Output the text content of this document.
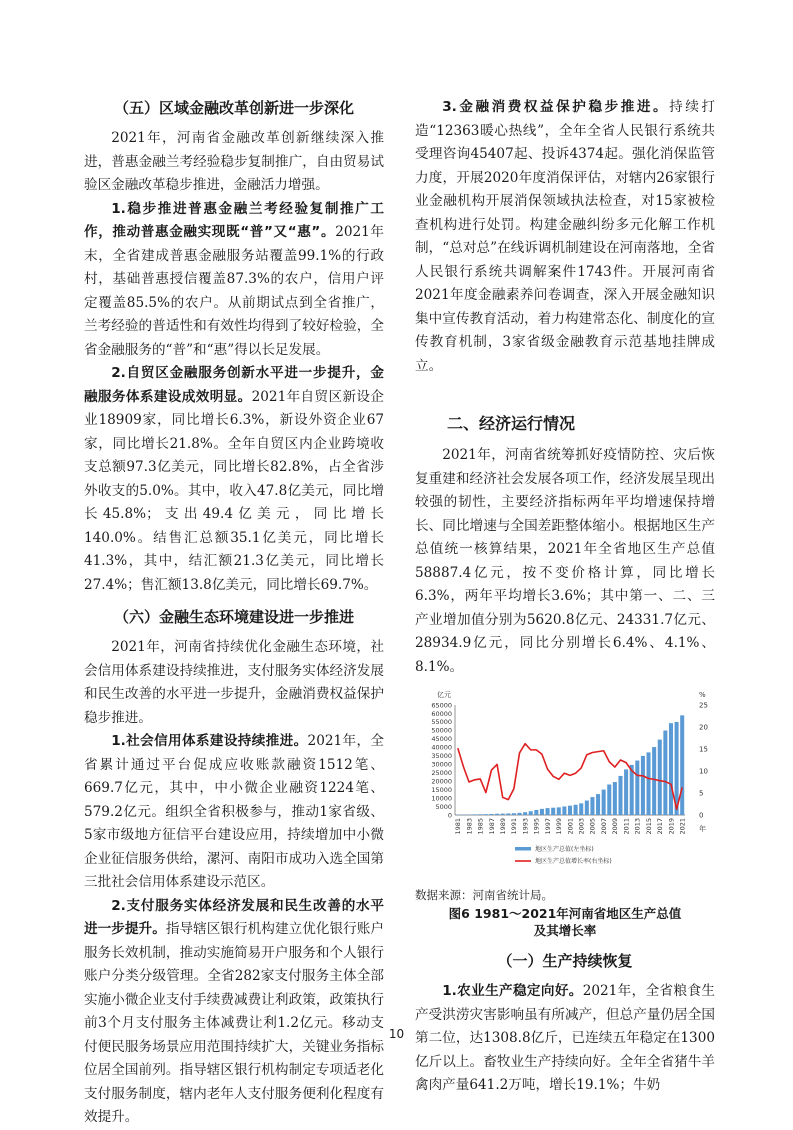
（五）区域金融改革创新进一步深化

2021年，河南省金融改革创新继续深入推进，普惠金融兰考经验稳步复制推广，自由贸易试验区金融改革稳步推进，金融活力增强。

1.稳步推进普惠金融兰考经验复制推广工作，推动普惠金融实现既“普”又“惠”。2021年末，全省建成普惠金融服务站覆盖99.1%的行政村，基础普惠授信覆盖87.3%的农户，信用户评定覆盖85.5%的农户。从前期试点到全省推广，兰考经验的普适性和有效性均得到了较好检验，全省金融服务的“普”和“惠”得以长足发展。

2.自贸区金融服务创新水平进一步提升，金融服务体系建设成效明显。2021年自贸区新设企业18909家，同比增长6.3%，新设外资企业67家，同比增长21.8%。全年自贸区内企业跨境收支总额97.3亿美元，同比增长82.8%，占全省涉外收支的5.0%。其中，收入47.8亿美元，同比增长45.8%；支出49.4亿美元，同比增长140.0%。结售汇总额35.1亿美元，同比增长41.3%，其中，结汇额21.3亿美元，同比增长27.4%；售汇额13.8亿美元，同比增长69.7%。

（六）金融生态环境建设进一步推进

2021年，河南省持续优化金融生态环境，社会信用体系建设持续推进，支付服务实体经济发展和民生改善的水平进一步提升，金融消费权益保护稳步推进。

1.社会信用体系建设持续推进。2021年，全省累计通过平台促成应收账款融资1512笔、669.7亿元，其中，中小微企业融资1224笔、579.2亿元。组织全省积极参与，推动1家省级、5家市级地方征信平台建设应用，持续增加中小微企业征信服务供给，漯河、南阳市成功入选全国第三批社会信用体系建设示范区。

2.支付服务实体经济发展和民生改善的水平进一步提升。指导辖区银行机构建立优化银行账户服务长效机制，推动实施简易开户服务和个人银行账户分类分级管理。全省282家支付服务主体全部实施小微企业支付手续费减费让利政策，政策执行前3个月支付服务主体减费让利1.2亿元。移动支付便民服务场景应用范围持续扩大，关键业务指标位居全国前列。指导辖区银行机构制定专项适老化支付服务制度，辖内老年人支付服务便利化程度有效提升。

3.金融消费权益保护稳步推进。持续打造“12363暖心热线”，全年全省人民银行系统共受理咨询45407起、投诉4374起。强化消保监管力度，开展2020年度消保评估，对辖内26家银行业金融机构开展消保领域执法检查，对15家被检查机构进行处罚。构建金融纠纷多元化解工作机制，“总对总”在线诉调机制建设在河南落地，全省人民银行系统共调解案件1743件。开展河南省2021年度金融素养问卷调查，深入开展金融知识集中宣传教育活动，着力构建常态化、制度化的宣传教育机制，3家省级金融教育示范基地挂牌成立。

二、经济运行情况

2021年，河南省统筹抓好疫情防控、灾后恢复重建和经济社会发展各项工作，经济发展呈现出较强的韧性，主要经济指标两年平均增速保持增长、同比增速与全国差距整体缩小。根据地区生产总值统一核算结果，2021年全省地区生产总值58887.4亿元，按不变价格计算，同比增长6.3%，两年平均增长3.6%；其中第一、二、三产业增加值分别为5620.8亿元、24331.7亿元、28934.9亿元，同比分别增长6.4%、4.1%、8.1%。

0
5000
10000
15000
20000
25000
30000
35000
40000
45000
50000
55000
60000
65000
亿元
0
5
10
15
20
25
%
1981 1983 1985 1987 1989 1991 1993 1995 1997 1999 2001 2003 2005 2007 2009 2011 2013 2015 2017 2019 2021 年
地区生产总值(左坐标)
地区生产总值增长率(右坐标)

数据来源：河南省统计局。

图6 1981～2021年河南省地区生产总值
及其增长率
（一）生产持续恢复

1.农业生产稳定向好。2021年，全省粮食生产受洪涝灾害影响虽有所减产，但总产量仍居全国第二位，达1308.8亿斤，已连续五年稳定在1300亿斤以上。畜牧业生产持续向好。全年全省猪牛羊禽肉产量641.2万吨，增长19.1%；牛奶

10
